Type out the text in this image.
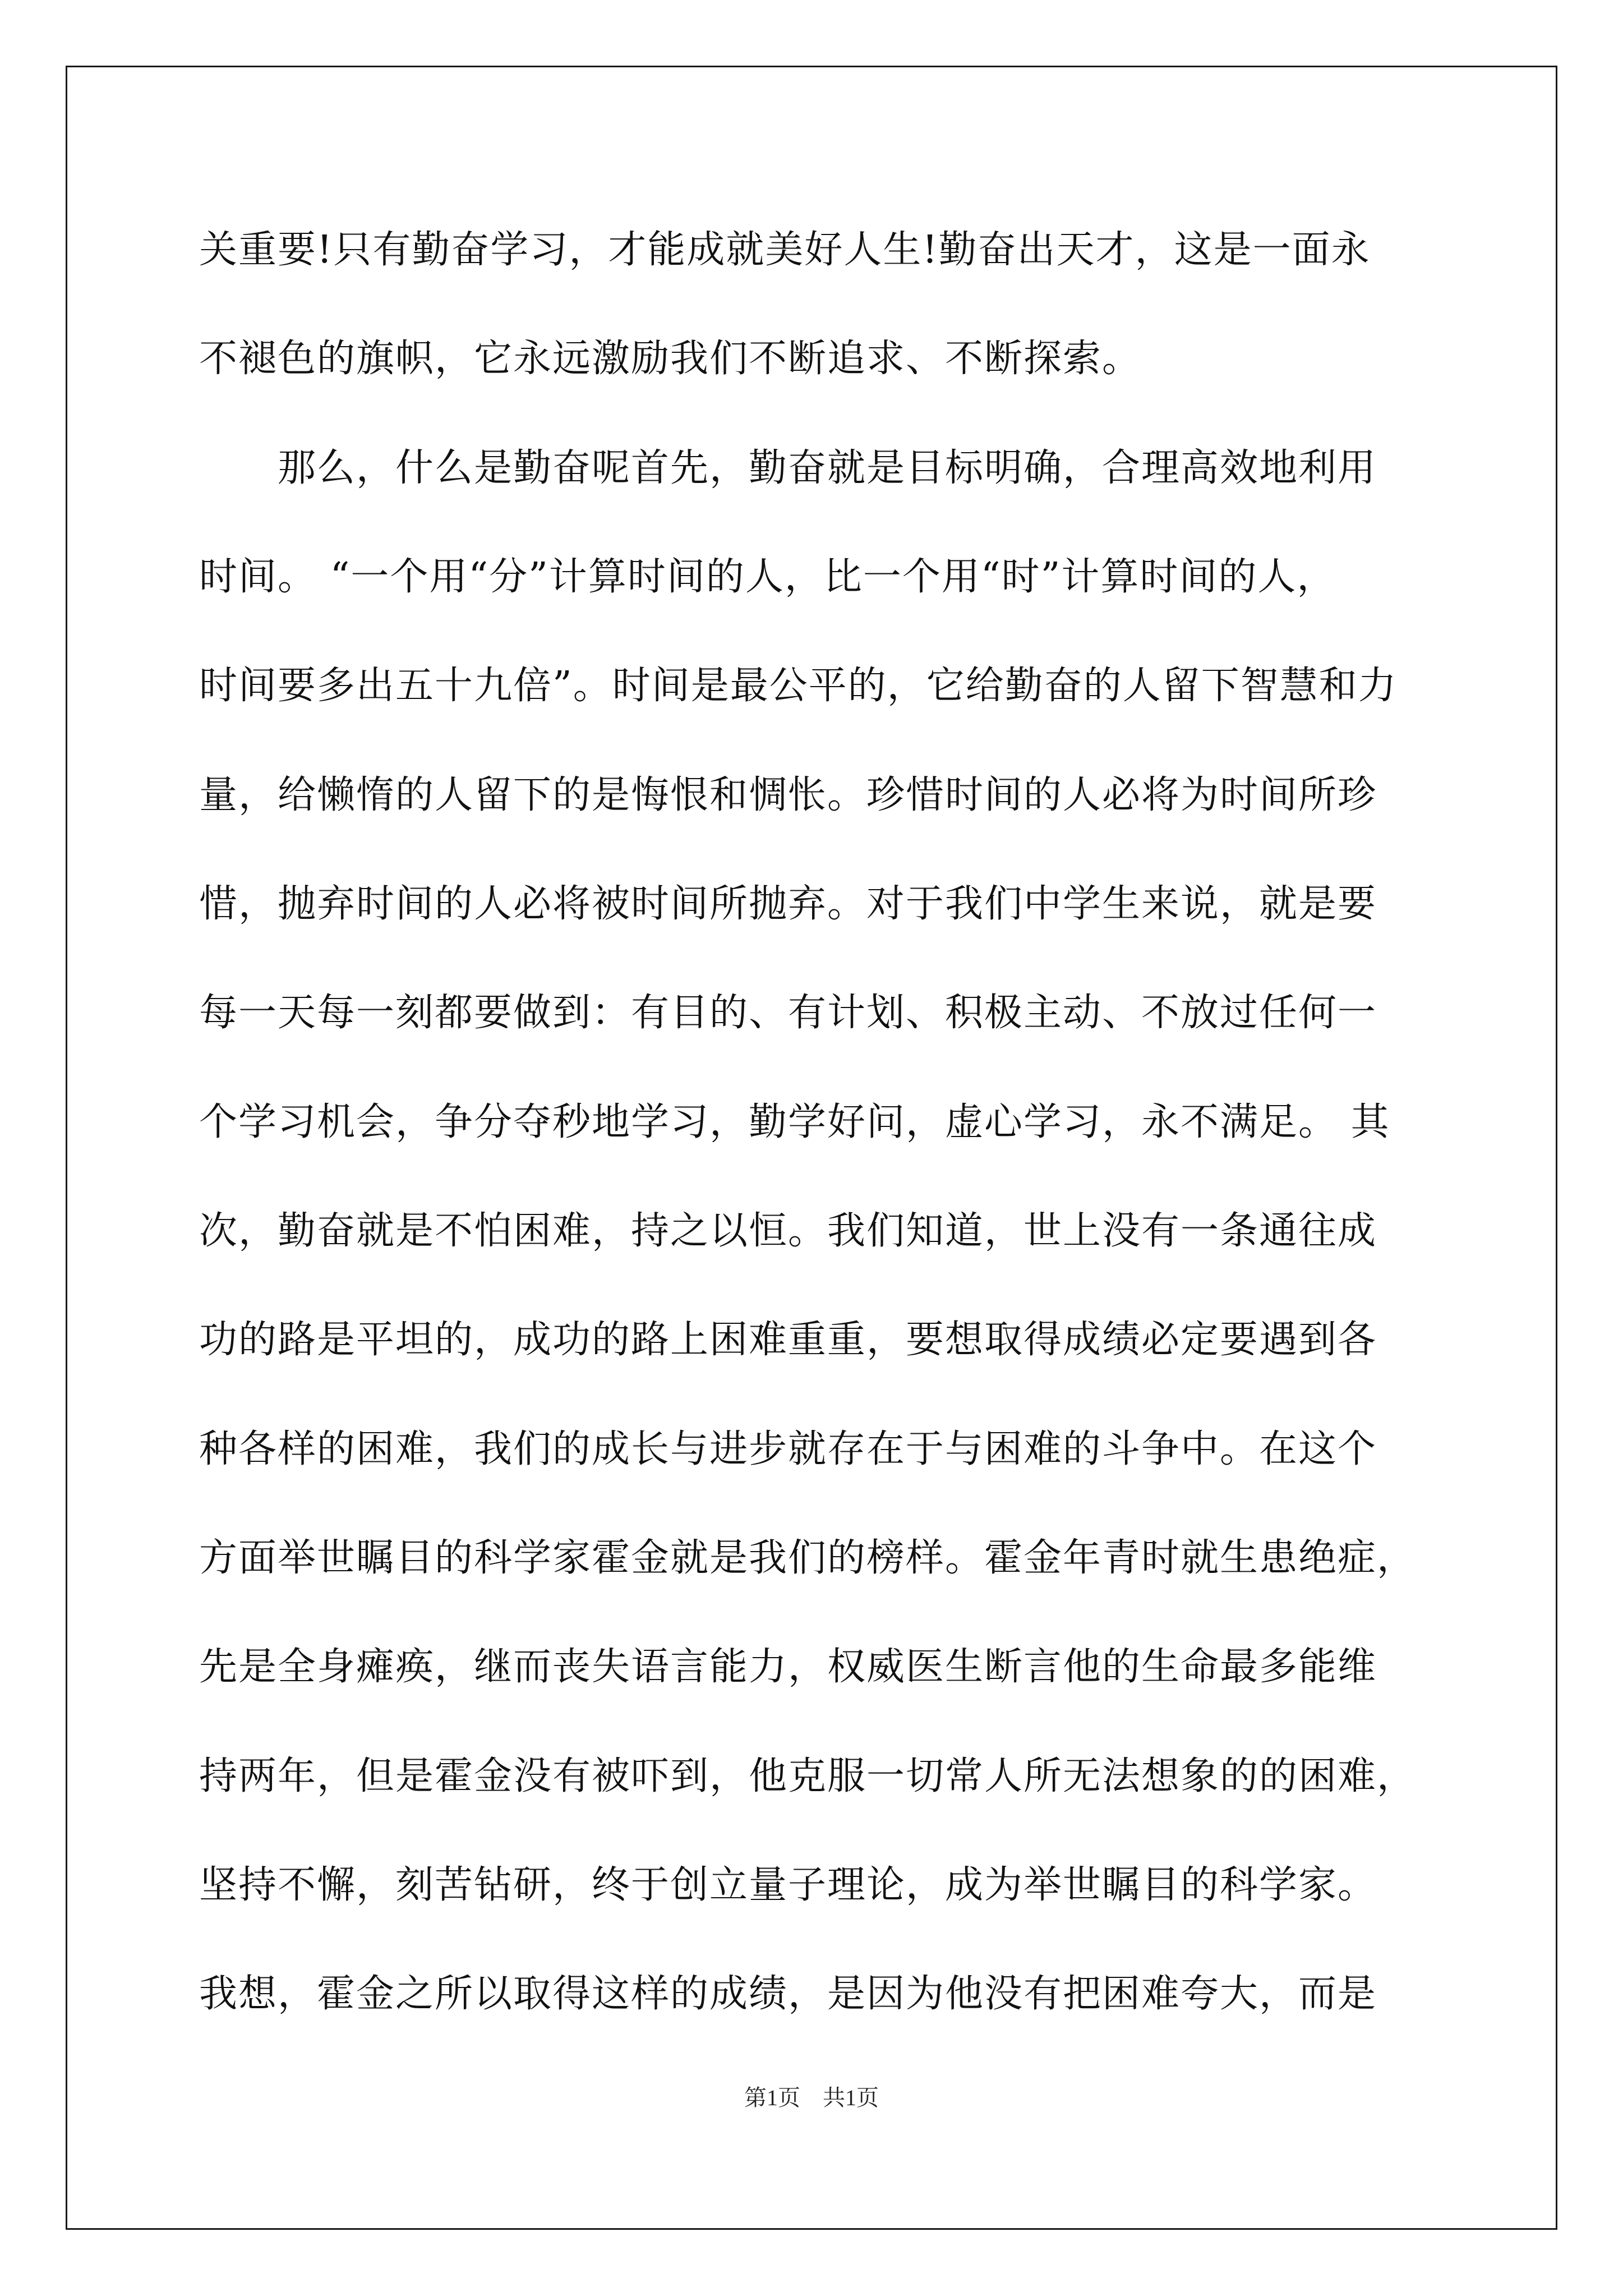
关重要!只有勤奋学习，才能成就美好人生!勤奋出天才，这是一面永
不褪色的旗帜，它永远激励我们不断追求、不断探索。
　　那么，什么是勤奋呢首先，勤奋就是目标明确，合理高效地利用
时间。 “一个用“分”计算时间的人，比一个用“时”计算时间的人，
时间要多出五十九倍”。时间是最公平的，它给勤奋的人留下智慧和力
量，给懒惰的人留下的是悔恨和惆怅。珍惜时间的人必将为时间所珍
惜，抛弃时间的人必将被时间所抛弃。对于我们中学生来说，就是要
每一天每一刻都要做到：有目的、有计划、积极主动、不放过任何一
个学习机会，争分夺秒地学习，勤学好问，虚心学习，永不满足。 其
次，勤奋就是不怕困难，持之以恒。我们知道，世上没有一条通往成
功的路是平坦的，成功的路上困难重重，要想取得成绩必定要遇到各
种各样的困难，我们的成长与进步就存在于与困难的斗争中。在这个
方面举世瞩目的科学家霍金就是我们的榜样。霍金年青时就生患绝症，
先是全身瘫痪，继而丧失语言能力，权威医生断言他的生命最多能维
持两年，但是霍金没有被吓到，他克服一切常人所无法想象的的困难，
坚持不懈，刻苦钻研，终于创立量子理论，成为举世瞩目的科学家。
我想，霍金之所以取得这样的成绩，是因为他没有把困难夸大，而是
第1页　共1页
